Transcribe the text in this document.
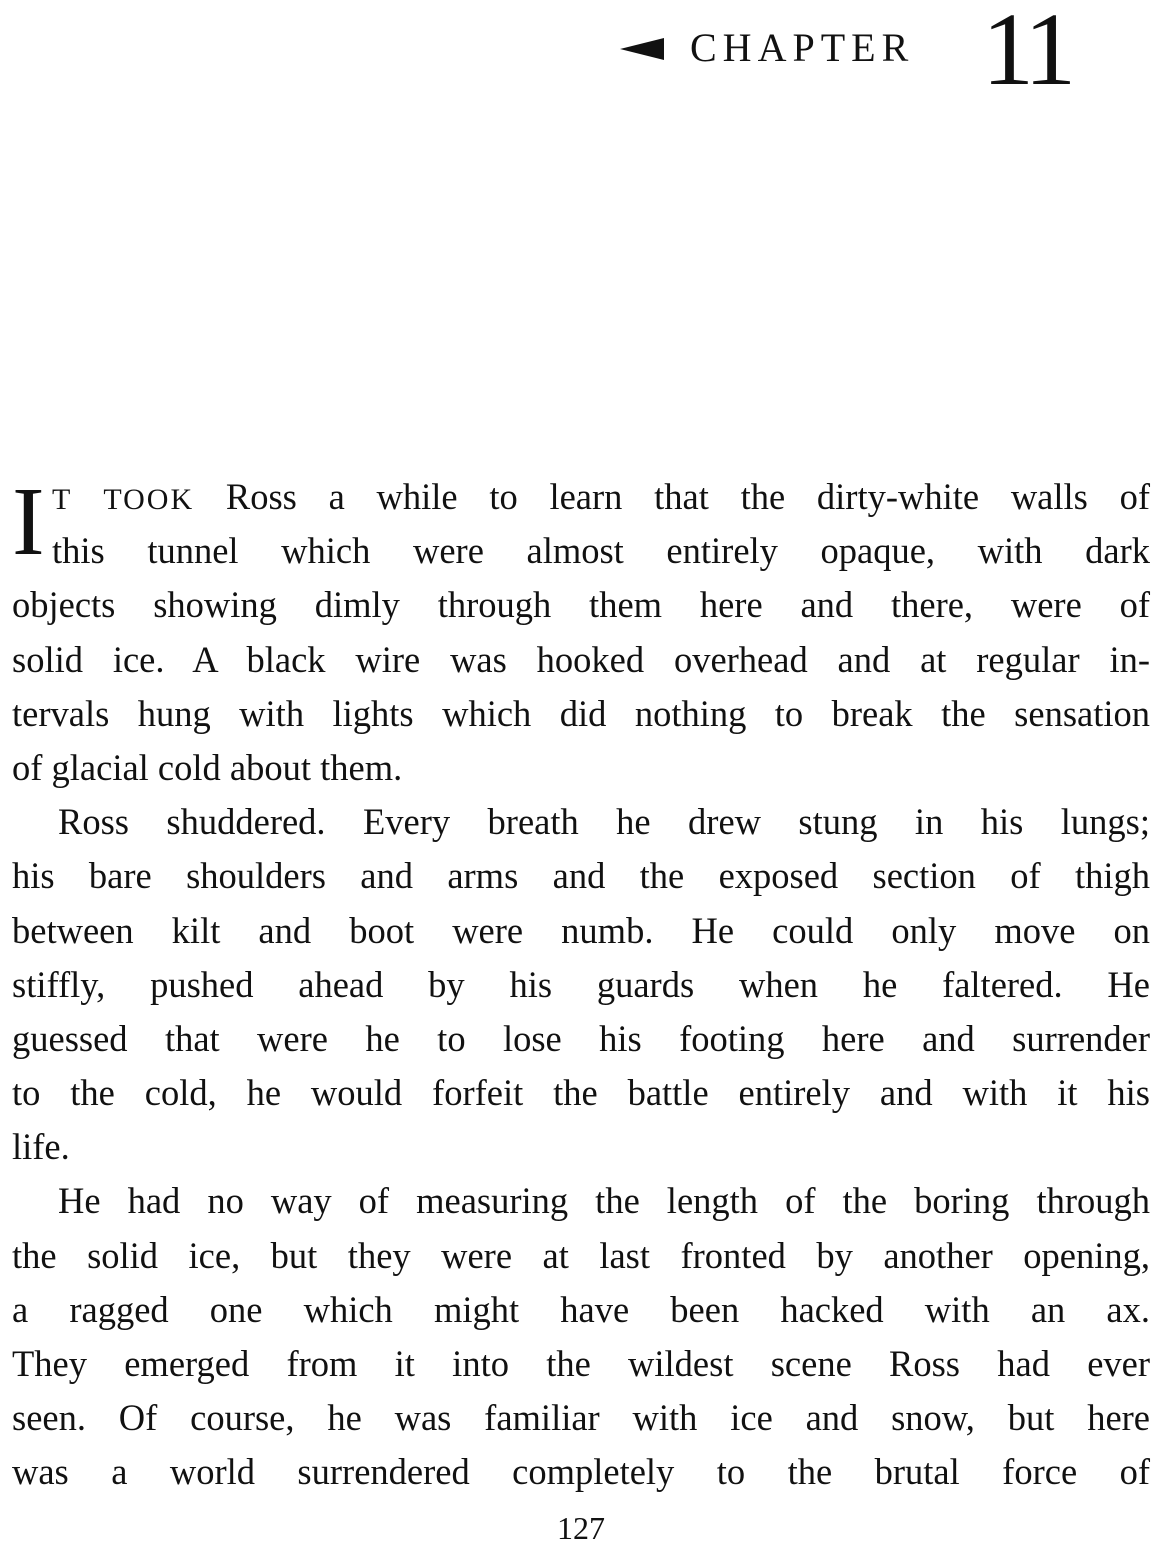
CHAPTER 11
I T TOOK Ross a while to learn that the dirty-white walls of
this tunnel which were almost entirely opaque, with dark
objects showing dimly through them here and there, were of
solid ice. A black wire was hooked overhead and at regular in-
tervals hung with lights which did nothing to break the sensation
of glacial cold about them.
Ross shuddered. Every breath he drew stung in his lungs;
his bare shoulders and arms and the exposed section of thigh
between kilt and boot were numb. He could only move on
stiffly, pushed ahead by his guards when he faltered. He
guessed that were he to lose his footing here and surrender
to the cold, he would forfeit the battle entirely and with it his
life.
He had no way of measuring the length of the boring through
the solid ice, but they were at last fronted by another opening,
a ragged one which might have been hacked with an ax.
They emerged from it into the wildest scene Ross had ever
seen. Of course, he was familiar with ice and snow, but here
was a world surrendered completely to the brutal force of
127
